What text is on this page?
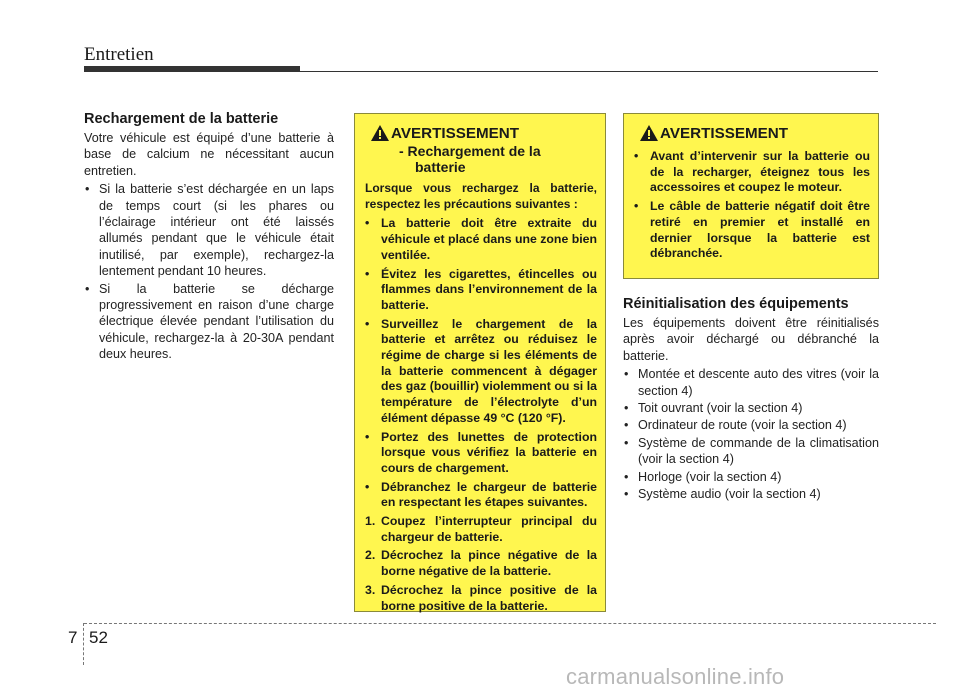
Entretien
Rechargement de la batterie

Votre véhicule est équipé d’une batterie à base de calcium ne nécessitant aucun entretien.

• Si la batterie s’est déchargée en un laps de temps court (si les phares ou l’éclairage intérieur ont été laissés allumés pendant que le véhicule était inutilisé, par exemple), rechargez-la lentement pendant 10 heures.
• Si la batterie se décharge progressivement en raison d’une charge électrique élevée pendant l’utilisation du véhicule, rechargez-la à 20-30A pendant deux heures.
AVERTISSEMENT
- Rechargement de la
batterie

Lorsque vous rechargez la batterie, respectez les précautions suivantes :

• La batterie doit être extraite du véhicule et placé dans une zone bien ventilée.
• Évitez les cigarettes, étincelles ou flammes dans l’environnement de la batterie.
• Surveillez le chargement de la batterie et arrêtez ou réduisez le régime de charge si les éléments de la batterie commencent à dégager des gaz (bouillir) violemment ou si la température de l’électrolyte d’un élément dépasse 49 °C (120 °F).
• Portez des lunettes de protection lorsque vous vérifiez la batterie en cours de chargement.
• Débranchez le chargeur de batterie en respectant les étapes suivantes.
1. Coupez l’interrupteur principal du chargeur de batterie.
2. Décrochez la pince négative de la borne négative de la batterie.
3. Décrochez la pince positive de la borne positive de la batterie.
AVERTISSEMENT
• Avant d’intervenir sur la batterie ou de la recharger, éteignez tous les accessoires et coupez le moteur.
• Le câble de batterie négatif doit être retiré en premier et installé en dernier lorsque la batterie est débranchée.
Réinitialisation des équipements

Les équipements doivent être réinitialisés après avoir déchargé ou débranché la batterie.

• Montée et descente auto des vitres (voir la section 4)
• Toit ouvrant (voir la section 4)
• Ordinateur de route (voir la section 4)
• Système de commande de la climatisation (voir la section 4)
• Horloge (voir la section 4)
• Système audio (voir la section 4)
7 52
carmanualsonline.info
